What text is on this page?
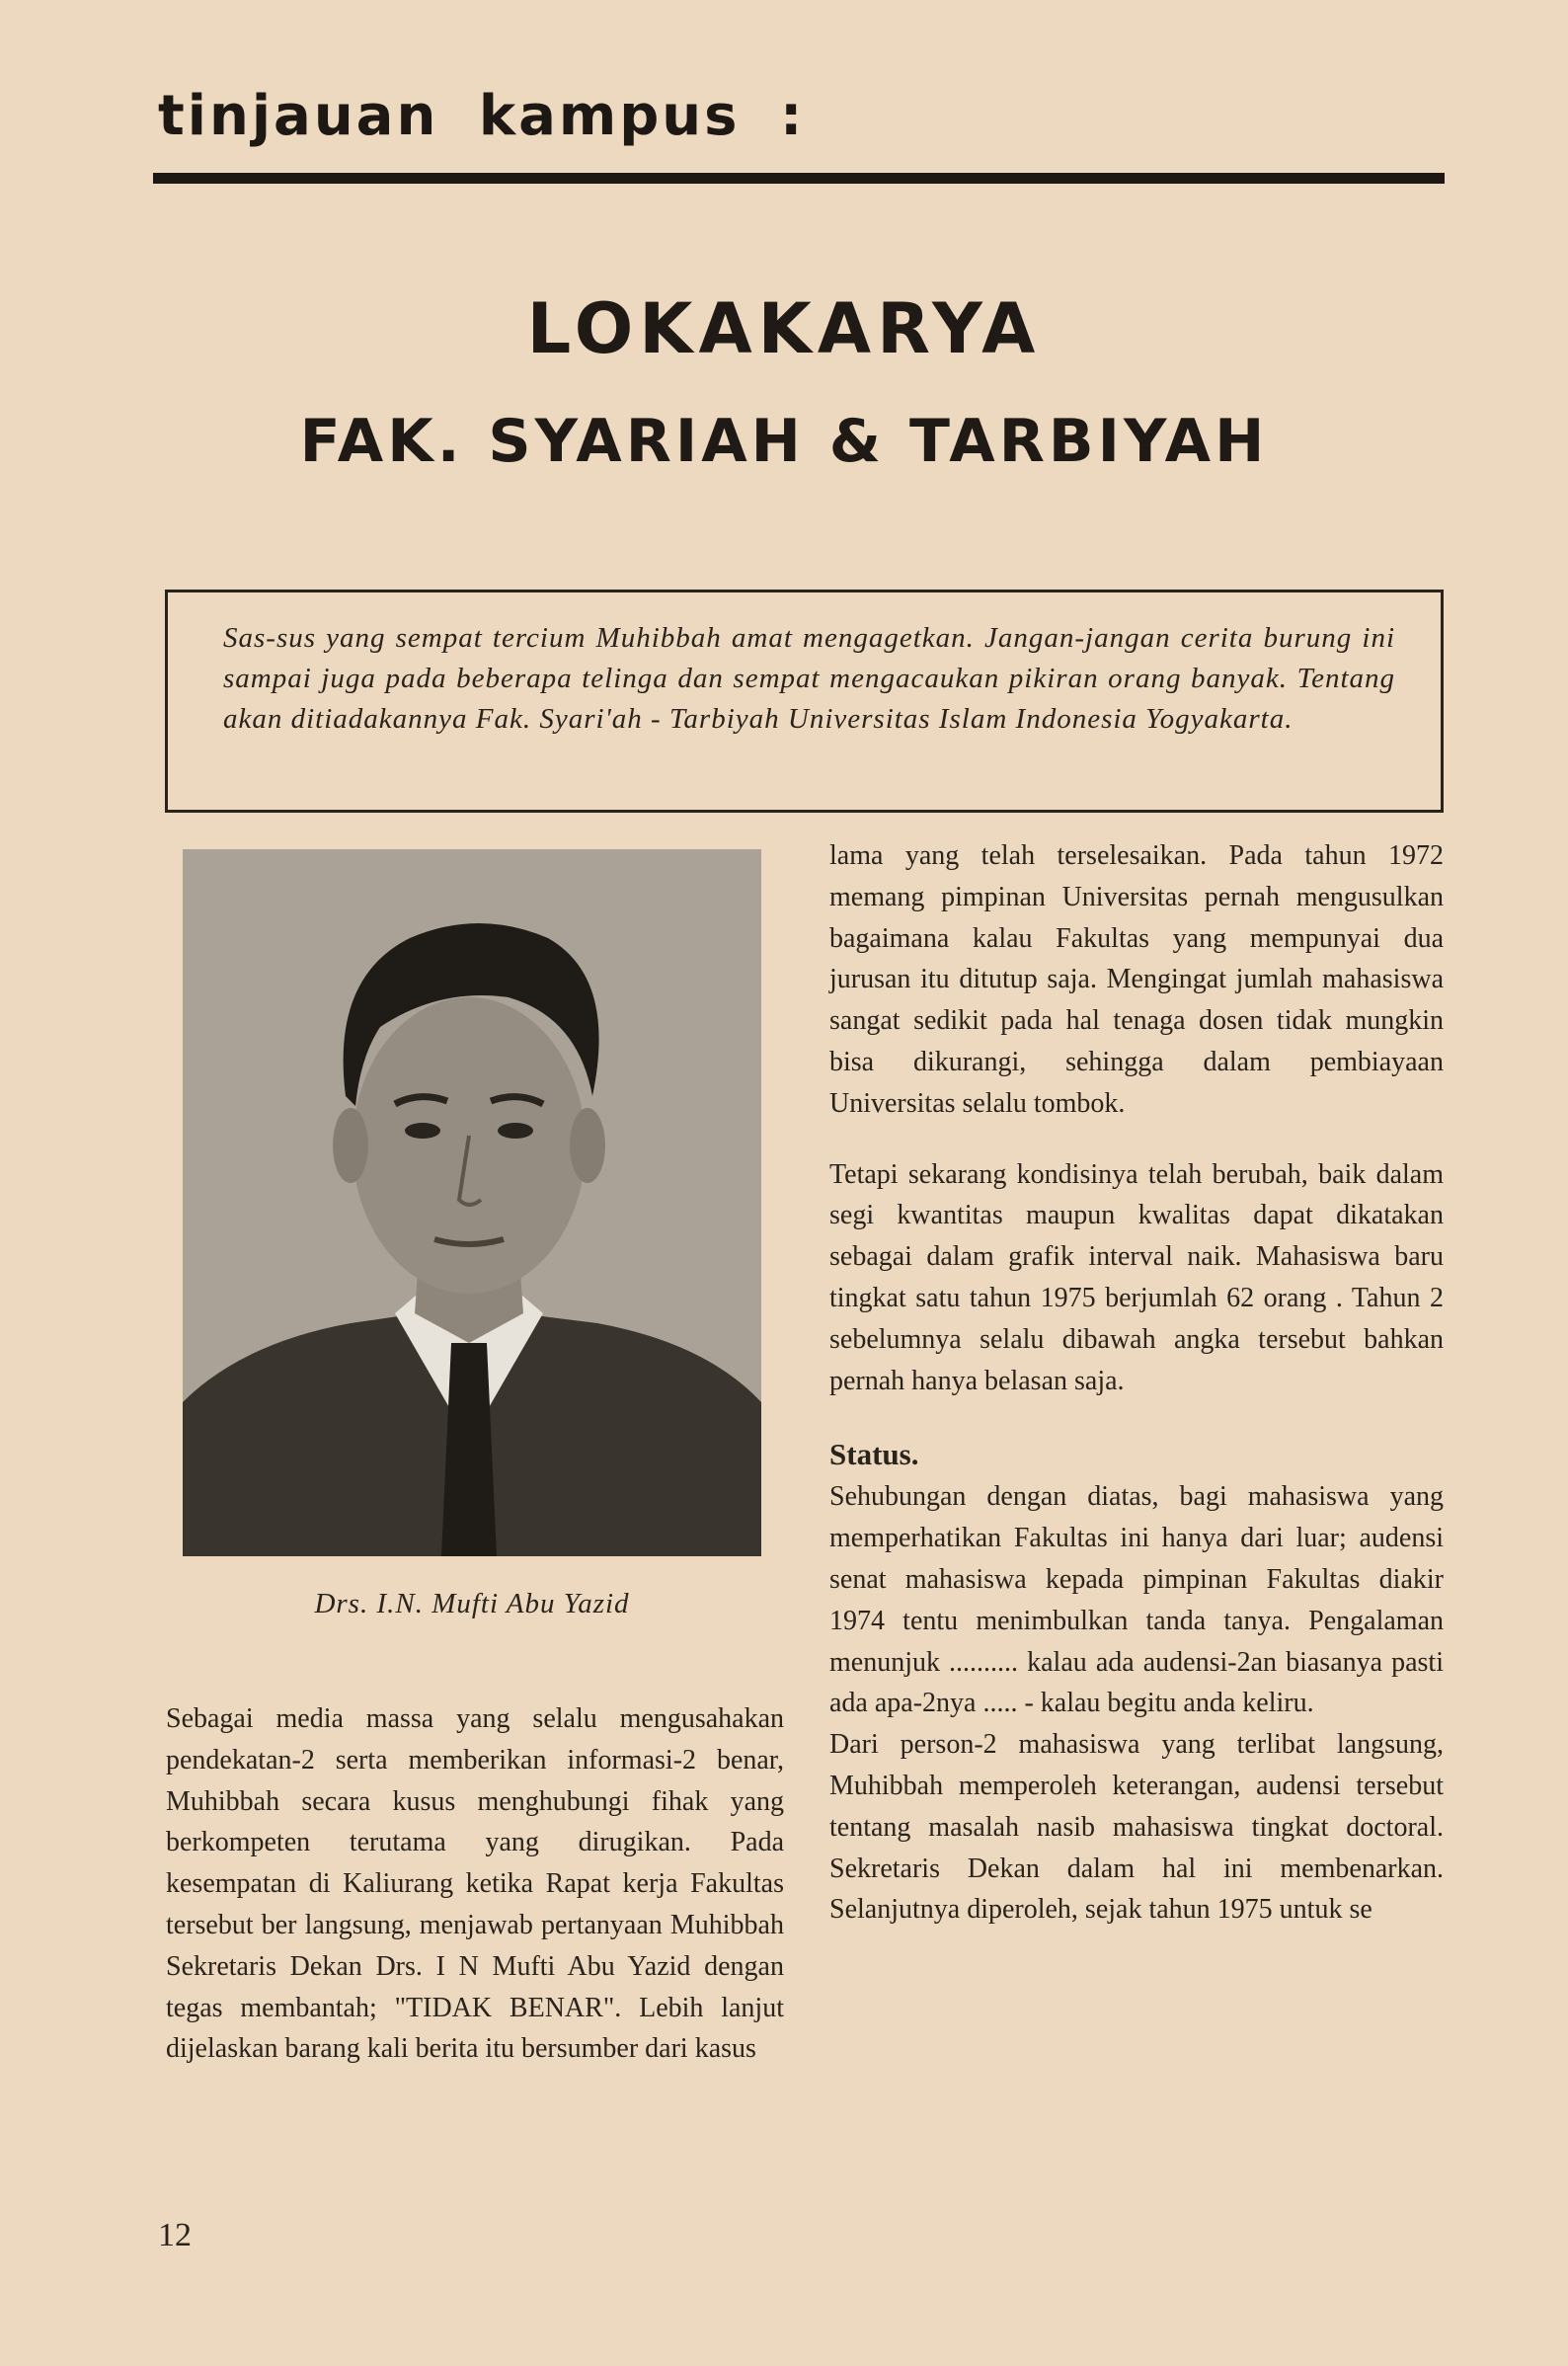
tinjauan kampus :
LOKAKARYA
FAK. SYARIAH & TARBIYAH

Sas-sus yang sempat tercium Muhibbah amat mengagetkan. Jangan-jangan cerita burung ini sampai juga pada beberapa telinga dan sempat mengacaukan pikiran orang banyak. Tentang akan ditiadakannya Fak. Syari'ah - Tarbiyah Universitas Islam Indonesia Yogyakarta.

Drs. I.N. Mufti Abu Yazid

Sebagai media massa yang selalu mengusahakan pendekatan-2 serta memberikan informasi-2 benar, Muhibbah secara kusus menghubungi fihak yang berkompeten terutama yang dirugikan. Pada kesempatan di Kaliurang ketika Rapat kerja Fakultas tersebut ber langsung, menjawab pertanyaan Muhibbah Sekretaris Dekan Drs. I N Mufti Abu Yazid dengan tegas membantah; "TIDAK BENAR". Lebih lanjut dijelaskan barang kali berita itu bersumber dari kasus

lama yang telah terselesaikan. Pada tahun 1972 memang pimpinan Universitas pernah mengusulkan bagaimana kalau Fakultas yang mempunyai dua jurusan itu ditutup saja. Mengingat jumlah mahasiswa sangat sedikit pada hal tenaga dosen tidak mungkin bisa dikurangi, sehingga dalam pembiayaan Universitas selalu tombok.

Tetapi sekarang kondisinya telah berubah, baik dalam segi kwantitas maupun kwalitas dapat dikatakan sebagai dalam grafik interval naik. Mahasiswa baru tingkat satu tahun 1975 berjumlah 62 orang . Tahun 2 sebelumnya selalu dibawah angka tersebut bahkan pernah hanya belasan saja.

Status.

Sehubungan dengan diatas, bagi mahasiswa yang memperhatikan Fakultas ini hanya dari luar; audensi senat mahasiswa kepada pimpinan Fakultas diakir 1974 tentu menimbulkan tanda tanya. Pengalaman menunjuk .......... kalau ada audensi-2an biasanya pasti ada apa-2nya ..... - kalau begitu anda keliru.

Dari person-2 mahasiswa yang terlibat langsung, Muhibbah memperoleh keterangan, audensi tersebut tentang masalah nasib mahasiswa tingkat doctoral. Sekretaris Dekan dalam hal ini membenarkan. Selanjutnya diperoleh, sejak tahun 1975 untuk se

12
